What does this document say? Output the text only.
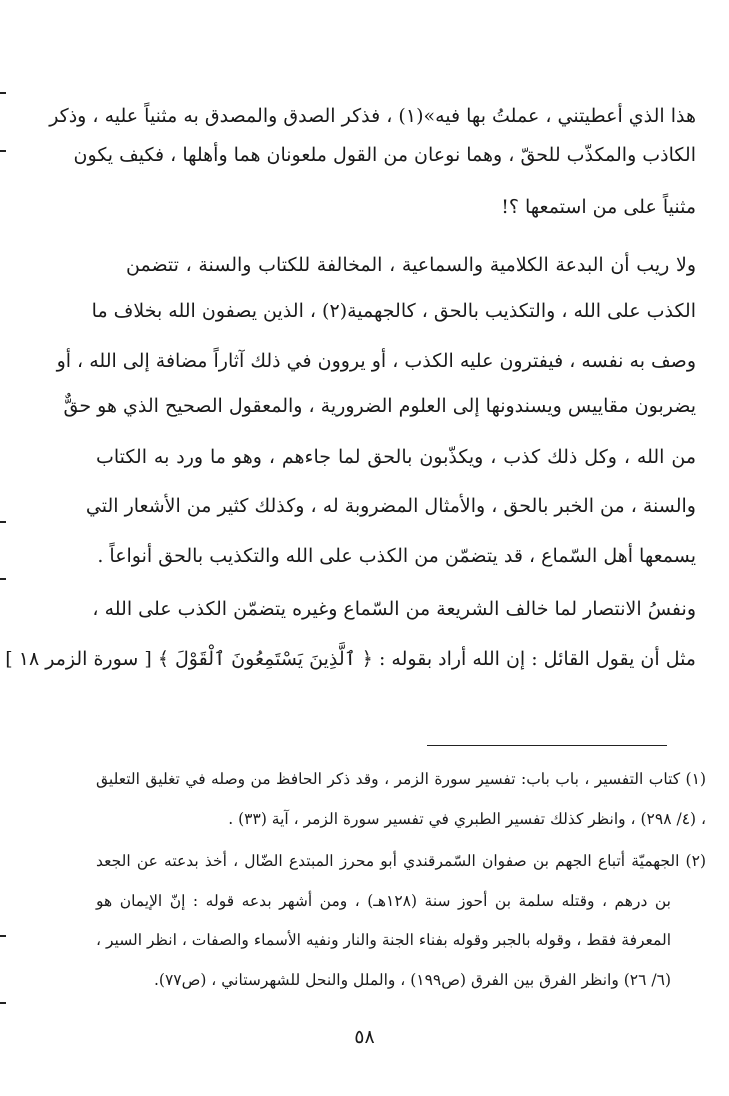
هذا الذي أعطيتني ، عملتُ بها فيه»(١) ، فذكر الصدق والمصدق به مثنياً عليه ، وذكر
الكاذب والمكذّب للحقّ ، وهما نوعان من القول ملعونان هما وأهلها ، فكيف يكون
مثنياً على من استمعها ؟!
ولا ريب أن البدعة الكلامية والسماعية ، المخالفة للكتاب والسنة ، تتضمن
الكذب على الله ، والتكذيب بالحق ، كالجهمية(٢) ، الذين يصفون الله بخلاف ما
وصف به نفسه ، فيفترون عليه الكذب ، أو يروون في ذلك آثاراً مضافة إلى الله ، أو
يضربون مقاييس ويسندونها إلى العلوم الضرورية ، والمعقول الصحيح الذي هو حقٌّ
من الله ، وكل ذلك كذب ، ويكذّبون بالحق لما جاءهم ، وهو ما ورد به الكتاب
والسنة ، من الخبر بالحق ، والأمثال المضروبة له ، وكذلك كثير من الأشعار التي
يسمعها أهل السّماع ، قد يتضمّن من الكذب على الله والتكذيب بالحق أنواعاً .
ونفسُ الانتصار لما خالف الشريعة من السّماع وغيره يتضمّن الكذب على الله ،
مثل أن يقول القائل : إن الله أراد بقوله : ﴿ ٱلَّذِينَ يَسْتَمِعُونَ ٱلْقَوْلَ ﴾ [ سورة الزمر ١٨ ]
(١) كتاب التفسير ، باب باب: تفسير سورة الزمر ، وقد ذكر الحافظ من وصله في تغليق التعليق
، (٤/ ٢٩٨) ، وانظر كذلك تفسير الطبري في تفسير سورة الزمر ، آية (٣٣) .
(٢) الجهميّة أتباع الجهم بن صفوان السّمرقندي أبو محرز المبتدع الضّال ، أخذ بدعته عن الجعد
بن درهم ، وقتله سلمة بن أحوز سنة (١٢٨هـ) ، ومن أشهر بدعه قوله : إنّ الإيمان هو
المعرفة فقط ، وقوله بالجبر وقوله بفناء الجنة والنار ونفيه الأسماء والصفات ، انظر السير ،
(٦/ ٢٦) وانظر الفرق بين الفرق (ص١٩٩) ، والملل والنحل للشهرستاني ، (ص٧٧).
٥٨
